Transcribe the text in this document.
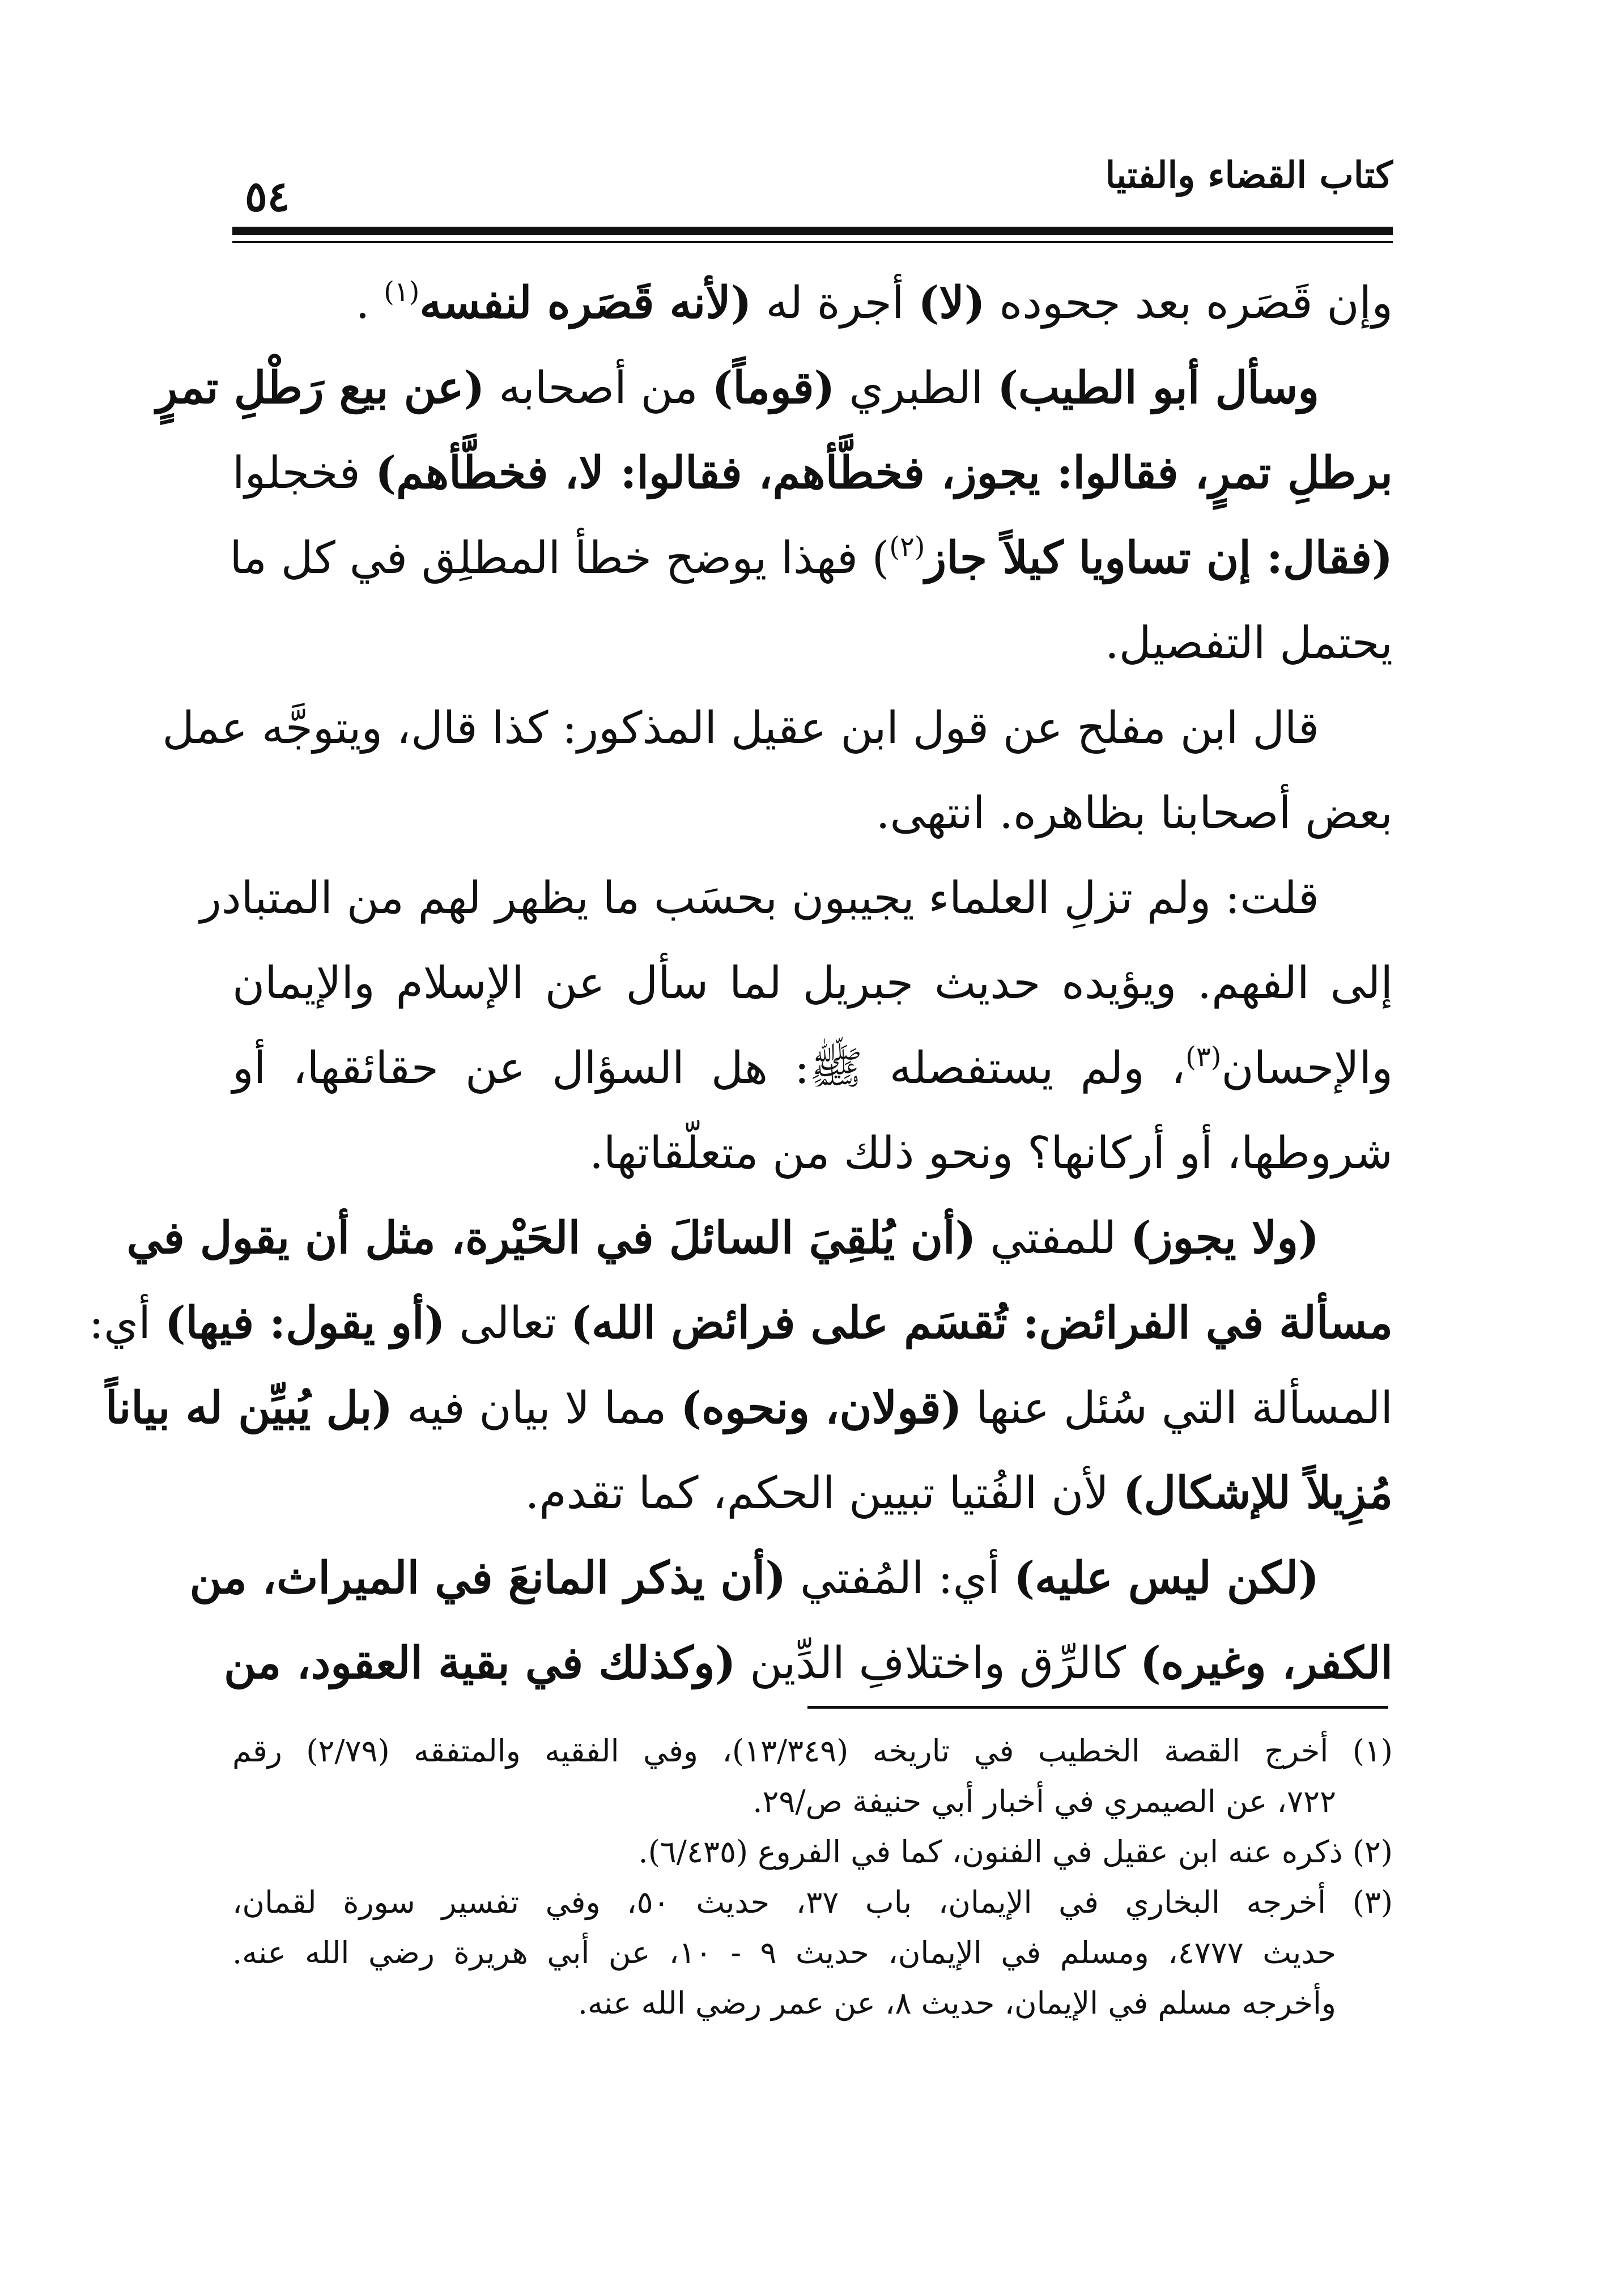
كتاب القضاء والفتيا
٥٤
وإن قَصَره بعد جحوده (لا) أجرة له (لأنه قَصَره لنفسه$^{(١)}$ .
وسأل أبو الطيب) الطبري (قوماً) من أصحابه (عن بيع رَطْلِ تمرٍ
برطلِ تمرٍ، فقالوا: يجوز، فخطَّأهم، فقالوا: لا، فخطَّأهم) فخجلوا
(فقال: إن تساويا كيلاً جاز$^{(٢)}$) فهذا يوضح خطأ المطلِق في كل ما
يحتمل التفصيل.
قال ابن مفلح عن قول ابن عقيل المذكور: كذا قال، ويتوجَّه عمل
بعض أصحابنا بظاهره. انتهى.
قلت: ولم تزلِ العلماء يجيبون بحسَب ما يظهر لهم من المتبادر
إلى الفهم. ويؤيده حديث جبريل لما سأل عن الإسلام والإيمان
والإحسان$^{(٣)}$، ولم يستفصله ﷺ: هل السؤال عن حقائقها، أو
شروطها، أو أركانها؟ ونحو ذلك من متعلّقاتها.
(ولا يجوز) للمفتي (أن يُلقِيَ السائلَ في الحَيْرة، مثل أن يقول في
مسألة في الفرائض: تُقسَم على فرائض الله) تعالى (أو يقول: فيها) أي:
المسألة التي سُئل عنها (قولان، ونحوه) مما لا بيان فيه (بل يُبيِّن له بياناً
مُزِيلاً للإشكال) لأن الفُتيا تبيين الحكم، كما تقدم.
(لكن ليس عليه) أي: المُفتي (أن يذكر المانعَ في الميراث، من
الكفر، وغيره) كالرِّق واختلافِ الدِّين (وكذلك في بقية العقود، من
(١) أخرج القصة الخطيب في تاريخه (١٣/٣٤٩)، وفي الفقيه والمتفقه (٢/٧٩) رقم
٧٢٢، عن الصيمري في أخبار أبي حنيفة ص/٢٩.
(٢) ذكره عنه ابن عقيل في الفنون، كما في الفروع (٦/٤٣٥).
(٣) أخرجه البخاري في الإيمان، باب ٣٧، حديث ٥٠، وفي تفسير سورة لقمان،
حديث ٤٧٧٧، ومسلم في الإيمان، حديث ٩ - ١٠، عن أبي هريرة رضي الله عنه.
وأخرجه مسلم في الإيمان، حديث ٨، عن عمر رضي الله عنه.
